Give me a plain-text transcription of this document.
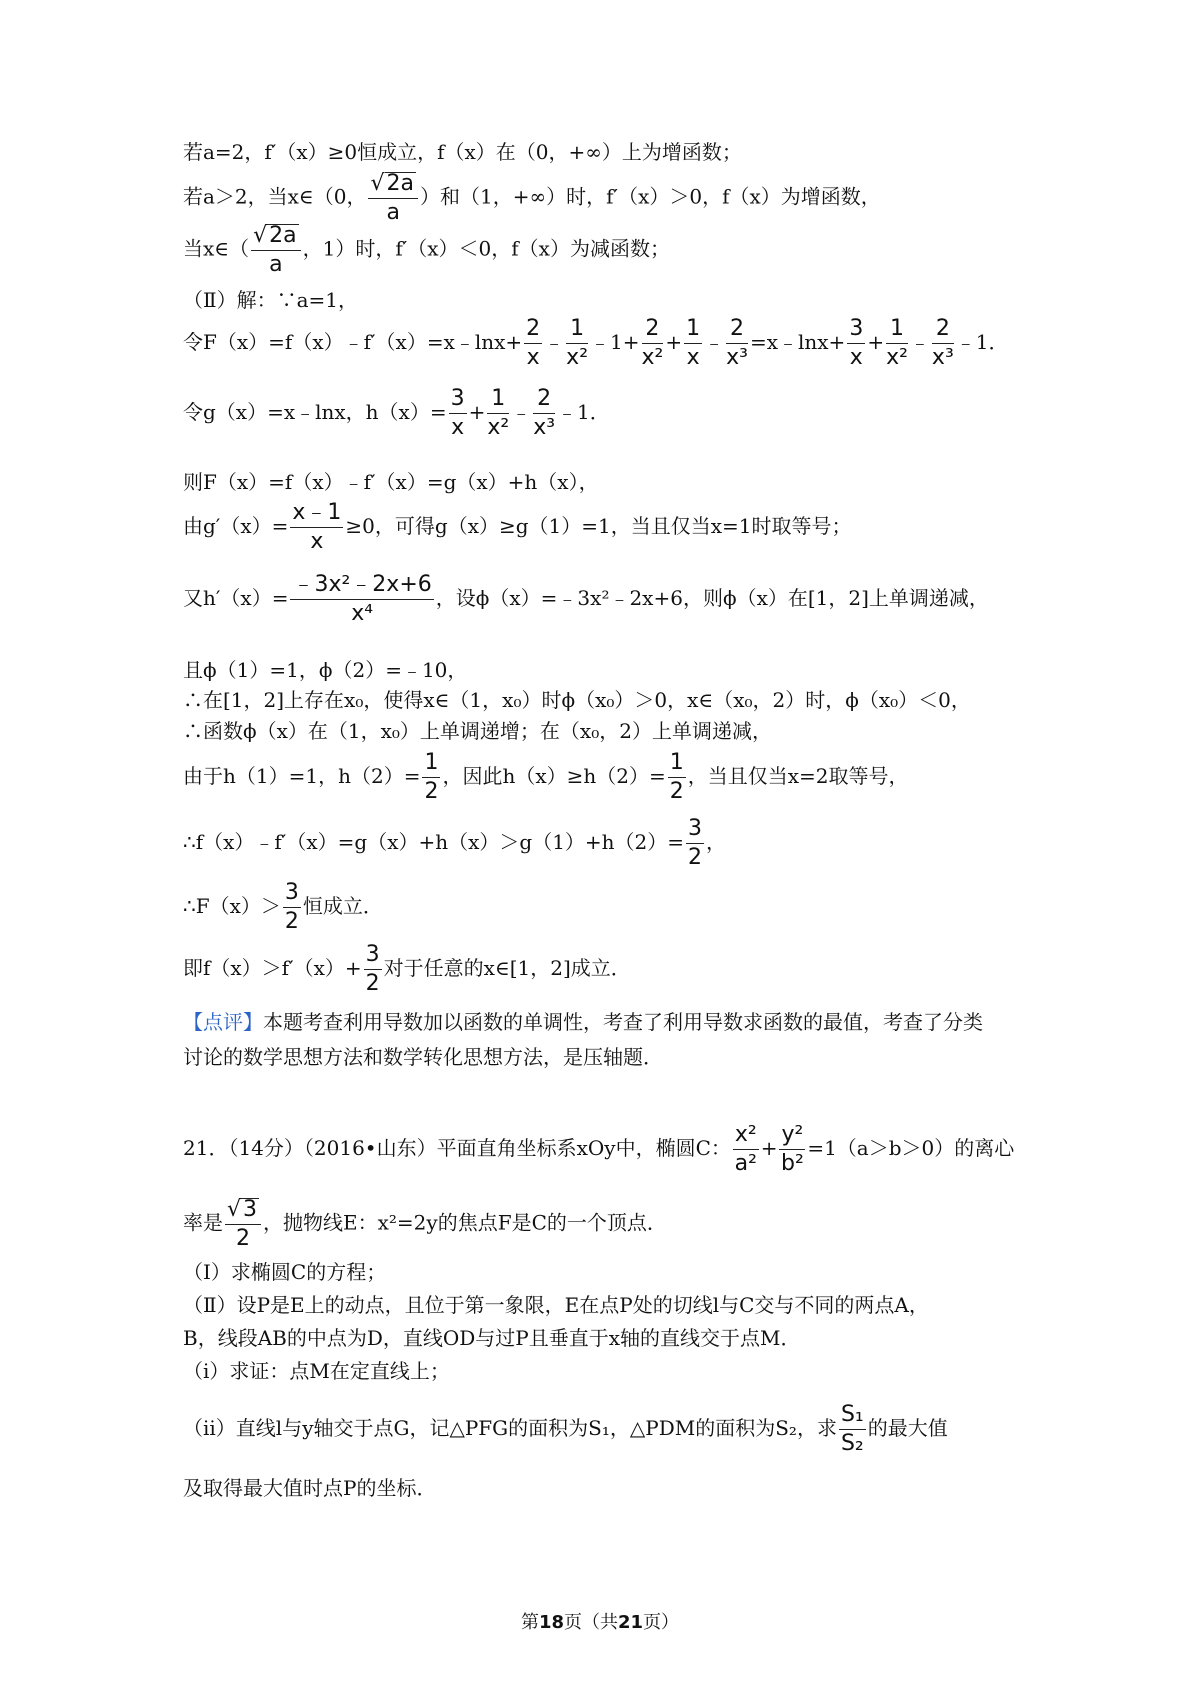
若a=2，f′（x）≥0恒成立，f（x）在（0，+∞）上为增函数；
若a＞2，当x∈（0， $\frac{√2a}{a}$ ）和（1，+∞）时，f′（x）＞0，f（x）为增函数，
当x∈（ $\frac{√2a}{a}$ ，1）时，f′（x）＜0，f（x）为减函数；
（Ⅱ）解：∵a=1，
令F（x）=f（x）﹣f′（x）=x﹣lnx+ $\frac{2}{x}$ ﹣ $\frac{1}{\text{x²}}$ ﹣1+ $\frac{2}{\text{x²}} + \frac{1}{x}$ ﹣ $\frac{2}{\text{x³}}$ =x﹣lnx+ $\frac{3}{x} + \frac{1}{\text{x²}}$ ﹣ $\frac{2}{\text{x³}}$ ﹣1．
令g（x）=x﹣lnx，$h(x)= \frac{3}{x} + \frac{1}{\text{x²}}$ ﹣ $\frac{2}{\text{x³}}$ ﹣1．
则F（x）=f（x）﹣f′（x）=g（x）+h（x），
由$g'(x)= \frac{x﹣1}{x} \ge 0$，可得g（x）≥g（1）=1，当且仅当x=1时取等号；
又$h'(x)= \frac{\text{﹣3x²﹣2x+6}}{\text{x⁴}}$ ，设ϕ（x）=﹣3x²﹣2x+6，则ϕ（x）在[1，2]上单调递减，
且ϕ（1）=1，ϕ（2）=﹣10，
∴在[1，2]上存在x₀，使得x∈（1，x₀）时ϕ（x₀）＞0，x∈（x₀，2）时，ϕ（x₀）＜0，
∴函数ϕ（x）在（1，x₀）上单调递增；在（x₀，2）上单调递减，
由于h（1）=1，$h(2)= \frac{1}{2}$ ，因此$h(x)\ge h(2)= \frac{1}{2}$ ，当且仅当x=2取等号，
∴f（x）﹣f′（x）=g（x）+h（x）＞g（1）+h（2）= $\frac{3}{2}$ ，
∴F（x）＞ $\frac{3}{2}$ 恒成立．
即$f(x)>f'(x)+ \frac{3}{2}$ 对于任意的x∈[1，2]成立．
【点评】本题考查利用导数加以函数的单调性，考查了利用导数求函数的最值，考查了分类
讨论的数学思想方法和数学转化思想方法，是压轴题．
21．（14分）（2016•山东）平面直角坐标系xOy中，椭圆C： $\frac{\text{x²}}{\text{a²}} + \frac{\text{y²}}{\text{b²}} =1(a>b>0)$的离心
率是 $\frac{√3}{2}$ ，抛物线E：x²=2y的焦点F是C的一个顶点．
（I）求椭圆C的方程；
（Ⅱ）设P是E上的动点，且位于第一象限，E在点P处的切线l与C交与不同的两点A，
B，线段AB的中点为D，直线OD与过P且垂直于x轴的直线交于点M．
（i）求证：点M在定直线上；
（ii）直线l与y轴交于点G，记△PFG的面积为S₁，△PDM的面积为S₂，求 $\frac{\text{S₁}}{\text{S₂}}$ 的最大值
及取得最大值时点P的坐标．
第18页（共21页）
